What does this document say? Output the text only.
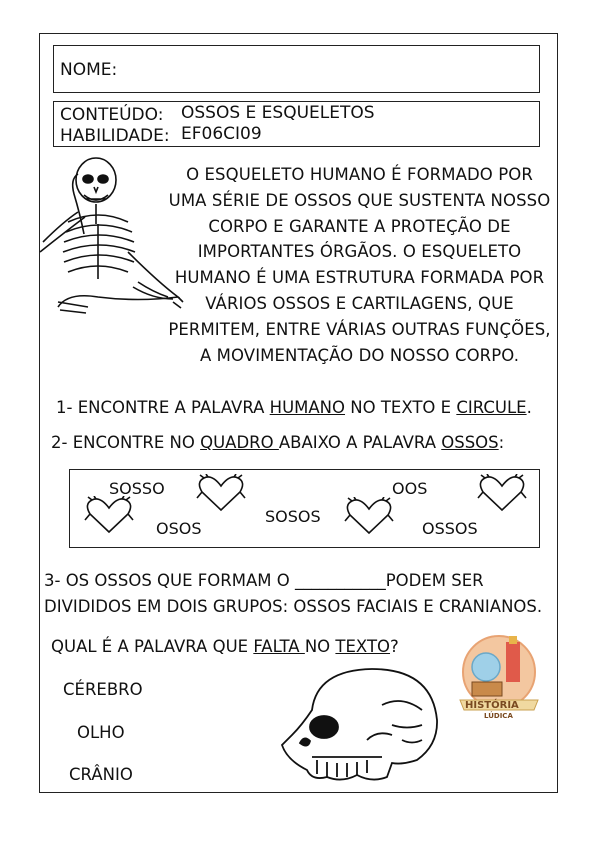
NOME:
CONTEÚDO: OSSOS E ESQUELETOS
HABILIDADE: EF06CI09
O ESQUELETO HUMANO É FORMADO POR UMA SÉRIE DE OSSOS QUE SUSTENTA NOSSO CORPO E GARANTE A PROTEÇÃO DE IMPORTANTES ÓRGÃOS. O ESQUELETO HUMANO É UMA ESTRUTURA FORMADA POR VÁRIOS OSSOS E CARTILAGENS, QUE PERMITEM, ENTRE VÁRIAS OUTRAS FUNÇÕES, A MOVIMENTAÇÃO DO NOSSO CORPO.
1- ENCONTRE A PALAVRA HUMANO NO TEXTO E CIRCULE.
2- ENCONTRE NO QUADRO ABAIXO A PALAVRA OSSOS:
SOSSO
OSOS
SOSOS
OOS
OSSOS
3- OS OSSOS QUE FORMAM O ___________PODEM SER
DIVIDIDOS EM DOIS GRUPOS: OSSOS FACIAIS E CRANIANOS.
QUAL É A PALAVRA QUE FALTA NO TEXTO?
CÉREBRO
OLHO
CRÂNIO
HISTÓRIA
LÚDICA
